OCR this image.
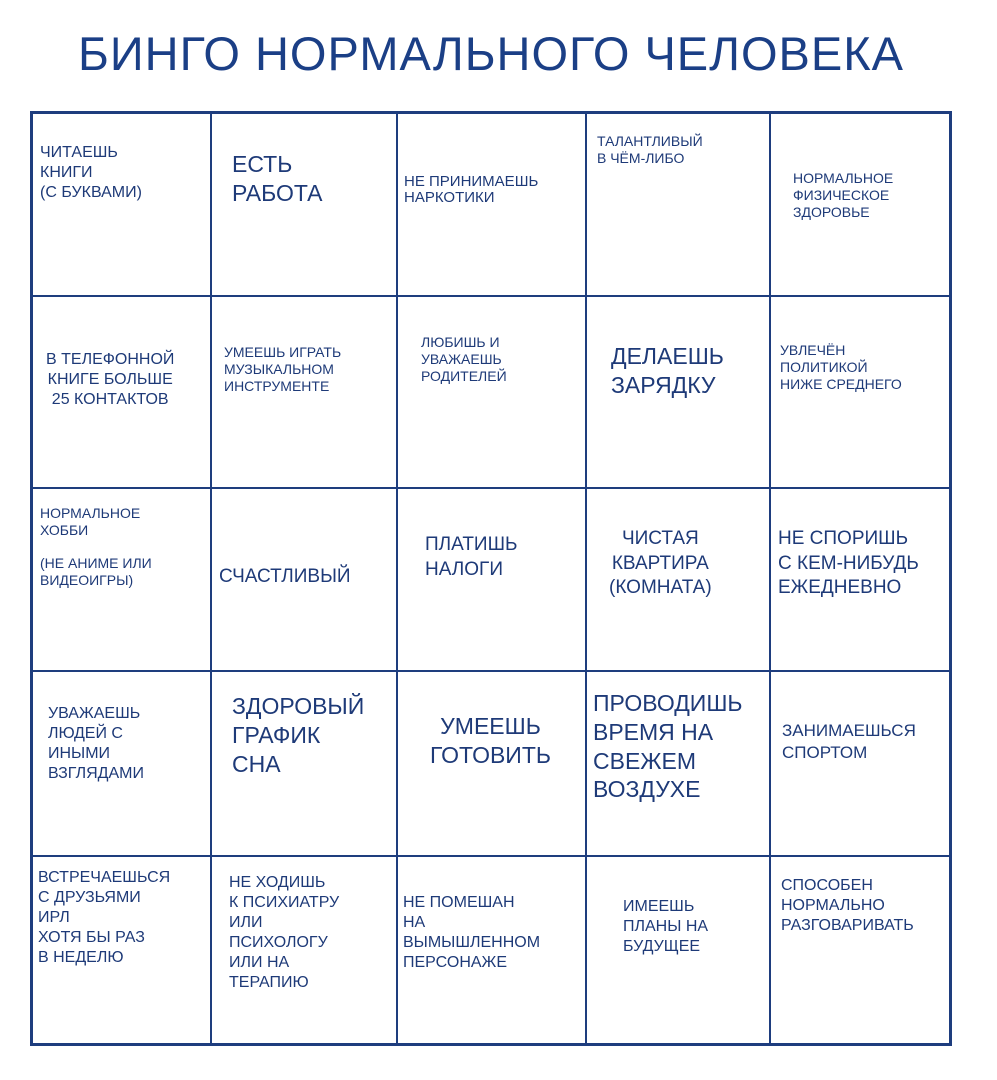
БИНГО НОРМАЛЬНОГО ЧЕЛОВЕКА
ЧИТАЕШЬ
КНИГИ
(С БУКВАМИ)
ЕСТЬ
РАБОТА	НЕ ПРИНИМАЕШЬ
НАРКОТИКИ
ТАЛАНТЛИВЫЙ
В ЧЁМ-ЛИБО
НОРМАЛЬНОЕ
ФИЗИЧЕСКОЕ
ЗДОРОВЬЕ
В ТЕЛЕФОННОЙ
КНИГЕ БОЛЬШЕ
25 КОНТАКТОВ
УМЕЕШЬ ИГРАТЬ
МУЗЫКАЛЬНОМ
ИНСТРУМЕНТЕ
ЛЮБИШЬ И
УВАЖАЕШЬ
РОДИТЕЛЕЙ
ДЕЛАЕШЬ
ЗАРЯДКУ
УВЛЕЧЁН
ПОЛИТИКОЙ
НИЖЕ СРЕДНЕГО
НОРМАЛЬНОЕ
ХОББИ

(НЕ АНИМЕ ИЛИ
ВИДЕОИГРЫ)	СЧАСТЛИВЫЙ
ПЛАТИШЬ
НАЛОГИ
ЧИСТАЯ
КВАРТИРА
(КОМНАТА)
НЕ СПОРИШЬ
С КЕМ-НИБУДЬ
ЕЖЕДНЕВНО
УВАЖАЕШЬ
ЛЮДЕЙ С
ИНЫМИ
ВЗГЛЯДАМИ
ЗДОРОВЫЙ
ГРАФИК
СНА
УМЕЕШЬ
ГОТОВИТЬ
ПРОВОДИШЬ
ВРЕМЯ НА
СВЕЖЕМ
ВОЗДУХЕ
ЗАНИМАЕШЬСЯ
СПОРТОМ
ВСТРЕЧАЕШЬСЯ
С ДРУЗЬЯМИ
ИРЛ
ХОТЯ БЫ РАЗ
В НЕДЕЛЮ
НЕ ХОДИШЬ
К ПСИХИАТРУ
ИЛИ
ПСИХОЛОГУ
ИЛИ НА
ТЕРАПИЮ
НЕ ПОМЕШАН
НА
ВЫМЫШЛЕННОМ
ПЕРСОНАЖЕ
ИМЕЕШЬ
ПЛАНЫ НА
БУДУЩЕЕ
СПОСОБЕН
НОРМАЛЬНО
РАЗГОВАРИВАТЬ
